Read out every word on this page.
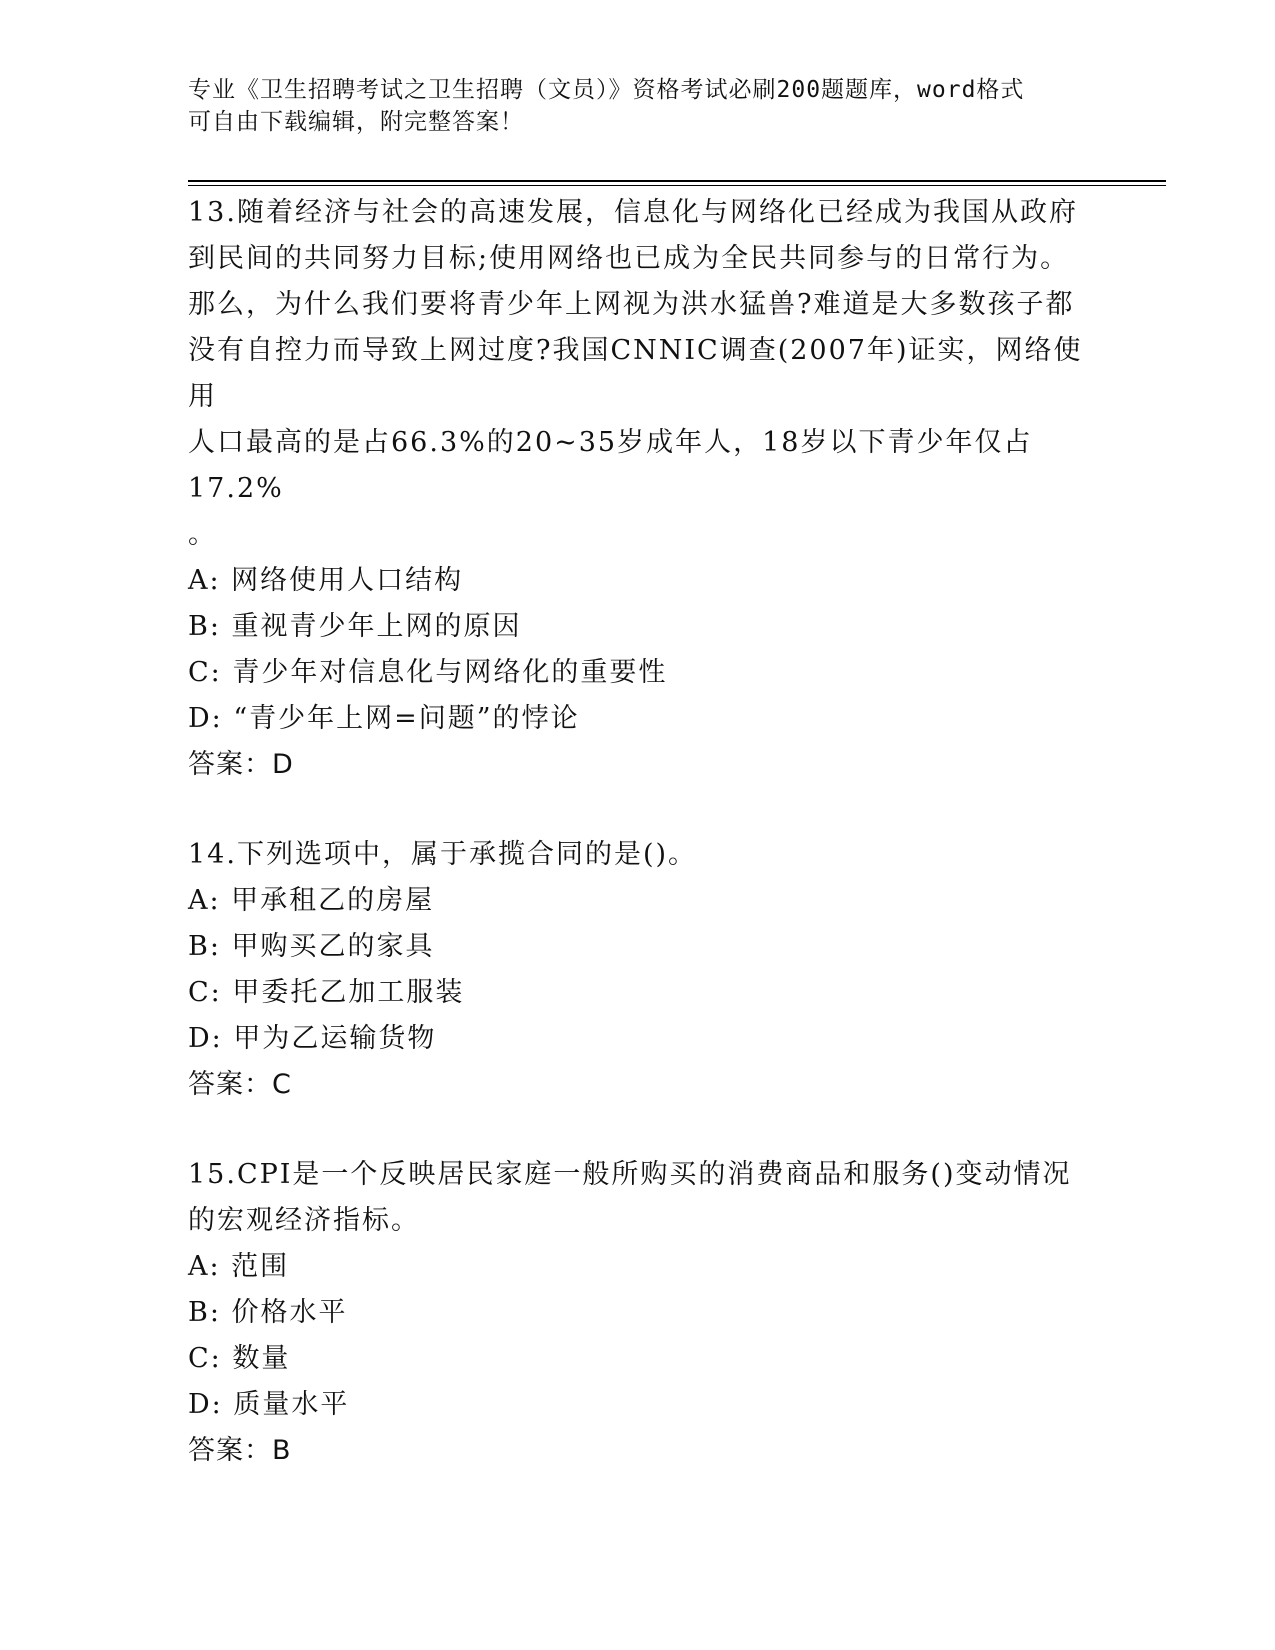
专业《卫生招聘考试之卫生招聘（文员）》资格考试必刷200题题库，word格式
可自由下载编辑，附完整答案！
13.随着经济与社会的高速发展，信息化与网络化已经成为我国从政府
到民间的共同努力目标;使用网络也已成为全民共同参与的日常行为。
那么，为什么我们要将青少年上网视为洪水猛兽?难道是大多数孩子都
没有自控力而导致上网过度?我国CNNIC调查(2007年)证实，网络使用
人口最高的是占66.3%的20~35岁成年人，18岁以下青少年仅占17.2%
。
A: 网络使用人口结构
B: 重视青少年上网的原因
C: 青少年对信息化与网络化的重要性
D: “青少年上网=问题”的悖论
答案：D
14.下列选项中，属于承揽合同的是()。
A: 甲承租乙的房屋
B: 甲购买乙的家具
C: 甲委托乙加工服装
D: 甲为乙运输货物
答案：C
15.CPI是一个反映居民家庭一般所购买的消费商品和服务()变动情况
的宏观经济指标。
A: 范围
B: 价格水平
C: 数量
D: 质量水平
答案：B
